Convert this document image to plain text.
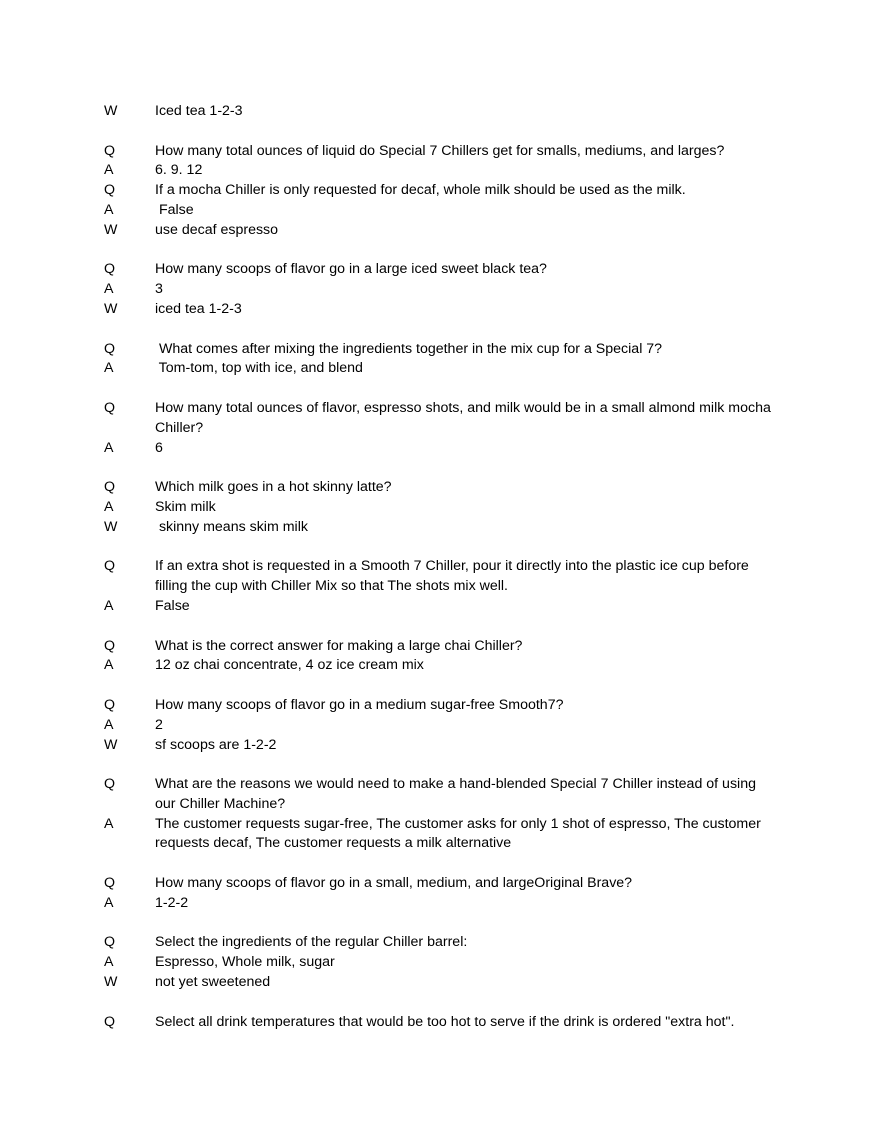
W	Iced tea 1-2-3
Q	How many total ounces of liquid do Special 7 Chillers get for smalls, mediums, and larges?
A	6. 9. 12
Q	If a mocha Chiller is only requested for decaf, whole milk should be used as the milk.
A	False
W	use decaf espresso
Q	How many scoops of flavor go in a large iced sweet black tea?
A	3
W	iced tea 1-2-3
Q	What comes after mixing the ingredients together in the mix cup for a Special 7?
A	Tom-tom, top with ice, and blend
Q	How many total ounces of flavor, espresso shots, and milk would be in a small almond milk mocha Chiller?
A	6
Q	Which milk goes in a hot skinny latte?
A	Skim milk
W	skinny means skim milk
Q	If an extra shot is requested in a Smooth 7 Chiller, pour it directly into the plastic ice cup before filling the cup with Chiller Mix so that The shots mix well.
A	False
Q	What is the correct answer for making a large chai Chiller?
A	12 oz chai concentrate, 4 oz ice cream mix
Q	How many scoops of flavor go in a medium sugar-free Smooth7?
A	2
W	sf scoops are 1-2-2
Q	What are the reasons we would need to make a hand-blended Special 7 Chiller instead of using our Chiller Machine?
A	The customer requests sugar-free, The customer asks for only 1 shot of espresso, The customer requests decaf, The customer requests a milk alternative
Q	How many scoops of flavor go in a small, medium, and largeOriginal Brave?
A	1-2-2
Q	Select the ingredients of the regular Chiller barrel:
A	Espresso, Whole milk, sugar
W	not yet sweetened
Q	Select all drink temperatures that would be too hot to serve if the drink is ordered "extra hot".
